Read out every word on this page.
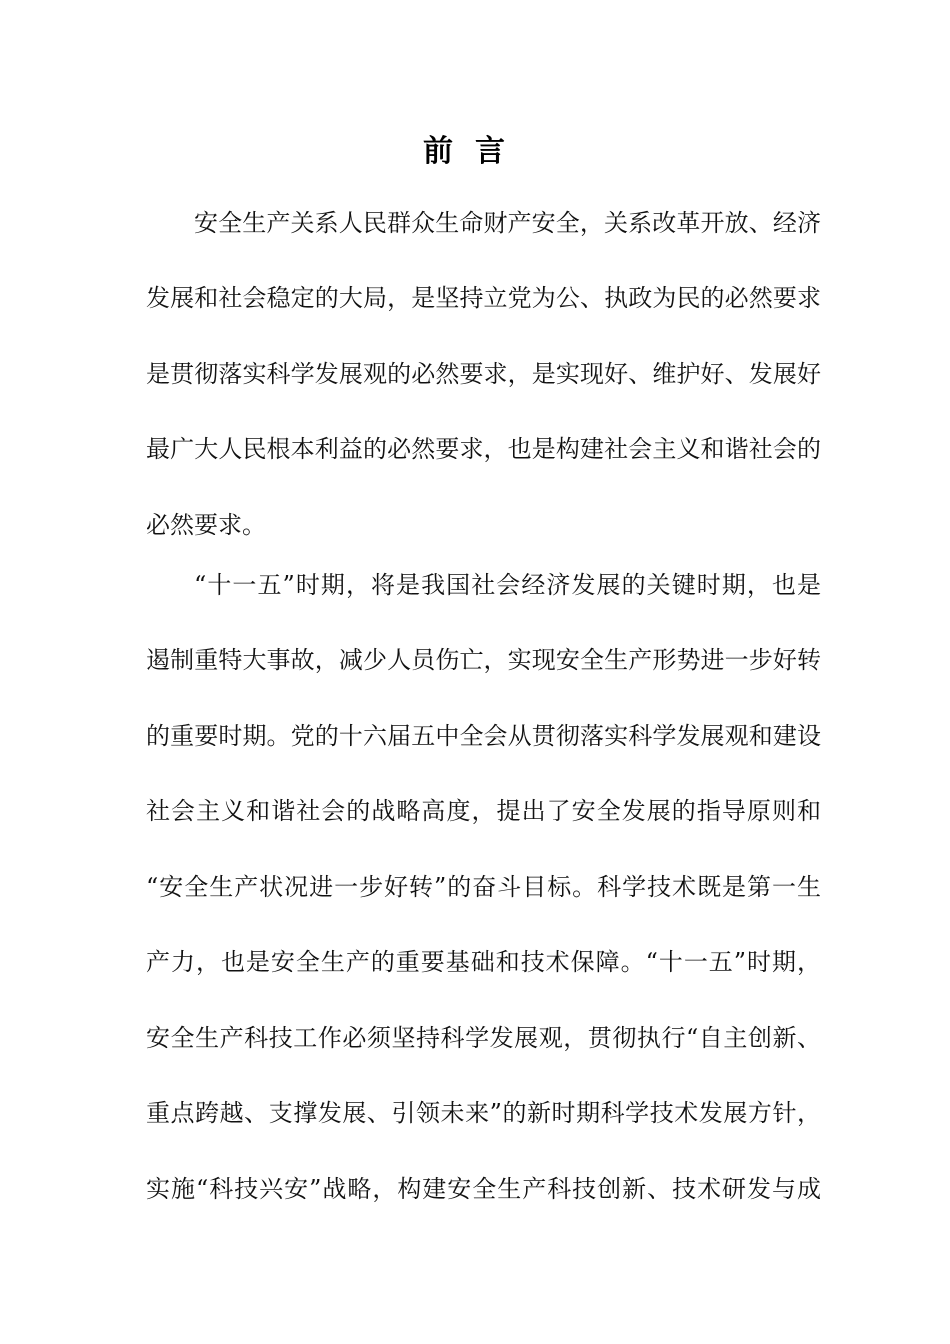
前言

安全生产关系人民群众生命财产安全，关系改革开放、经济

发展和社会稳定的大局，是坚持立党为公、执政为民的必然要求

是贯彻落实科学发展观的必然要求，是实现好、维护好、发展好

最广大人民根本利益的必然要求，也是构建社会主义和谐社会的

必然要求。

“十一五”时期，将是我国社会经济发展的关键时期，也是

遏制重特大事故，减少人员伤亡，实现安全生产形势进一步好转

的重要时期。党的十六届五中全会从贯彻落实科学发展观和建设

社会主义和谐社会的战略高度，提出了安全发展的指导原则和

“安全生产状况进一步好转”的奋斗目标。科学技术既是第一生

产力，也是安全生产的重要基础和技术保障。“十一五”时期，

安全生产科技工作必须坚持科学发展观，贯彻执行“自主创新、

重点跨越、支撑发展、引领未来”的新时期科学技术发展方针，

实施“科技兴安”战略，构建安全生产科技创新、技术研发与成
